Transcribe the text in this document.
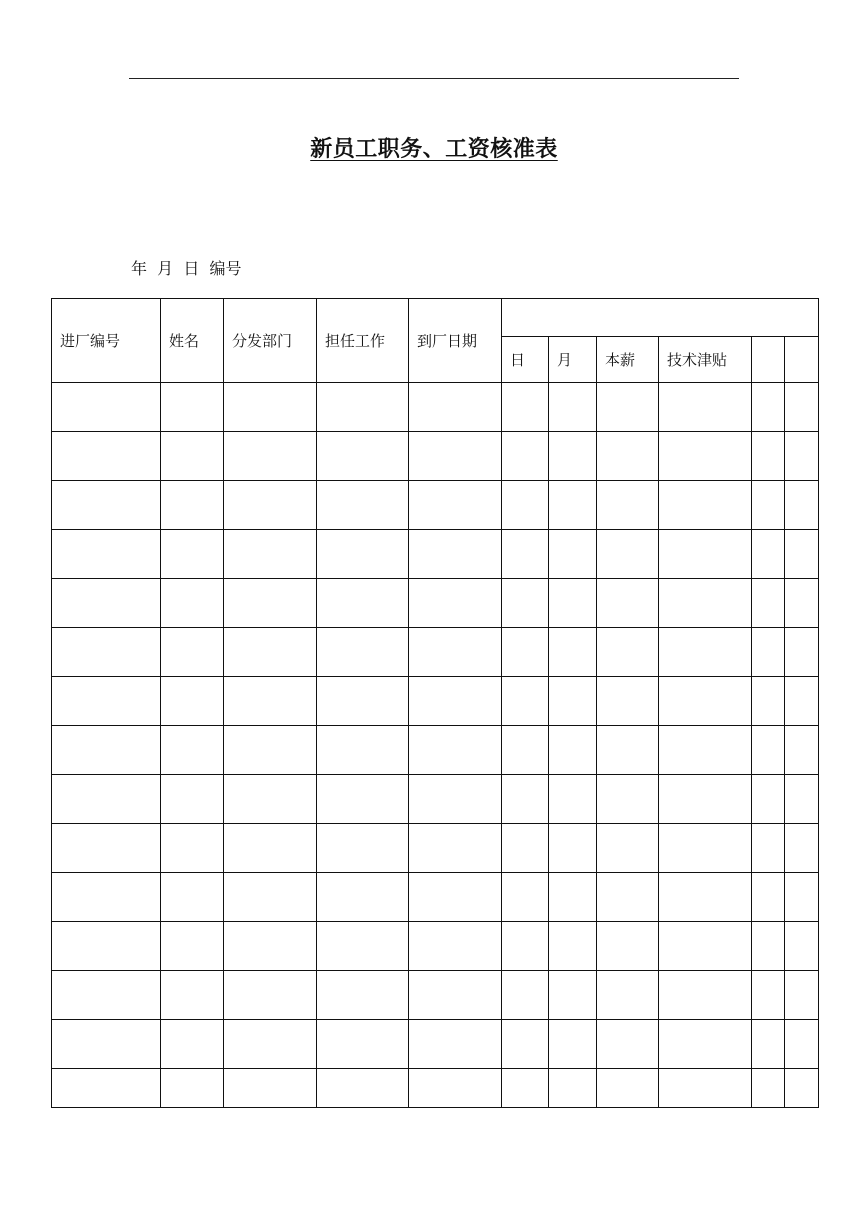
新员工职务、工资核准表
年  月  日  编号
进厂编号	姓名	分发部门	担任工作	到厂日期						

					日	月	本薪	技术津贴		
